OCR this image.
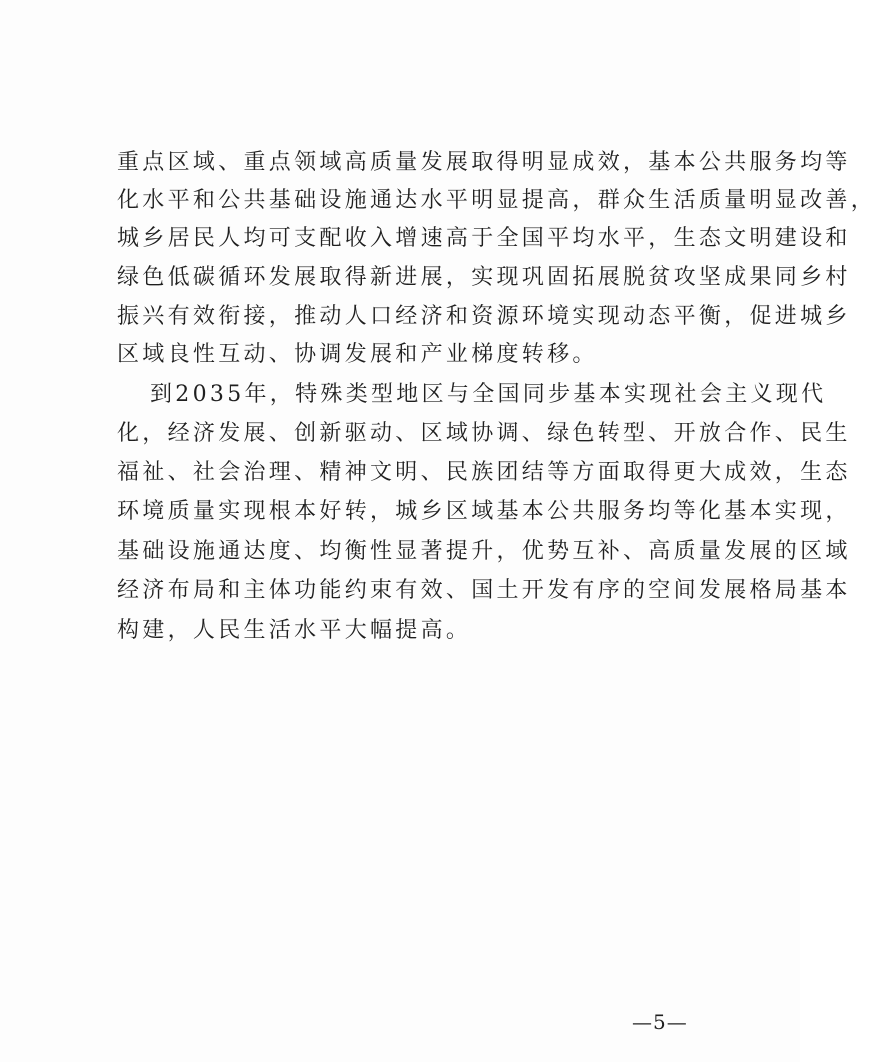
重点区域、重点领域高质量发展取得明显成效，基本公共服务均等
化水平和公共基础设施通达水平明显提高，群众生活质量明显改善，
城乡居民人均可支配收入增速高于全国平均水平，生态文明建设和
绿色低碳循环发展取得新进展，实现巩固拓展脱贫攻坚成果同乡村
振兴有效衔接，推动人口经济和资源环境实现动态平衡，促进城乡
区域良性互动、协调发展和产业梯度转移。
到2035年，特殊类型地区与全国同步基本实现社会主义现代
化，经济发展、创新驱动、区域协调、绿色转型、开放合作、民生
福祉、社会治理、精神文明、民族团结等方面取得更大成效，生态
环境质量实现根本好转，城乡区域基本公共服务均等化基本实现，
基础设施通达度、均衡性显著提升，优势互补、高质量发展的区域
经济布局和主体功能约束有效、国土开发有序的空间发展格局基本
构建，人民生活水平大幅提高。
—5—
